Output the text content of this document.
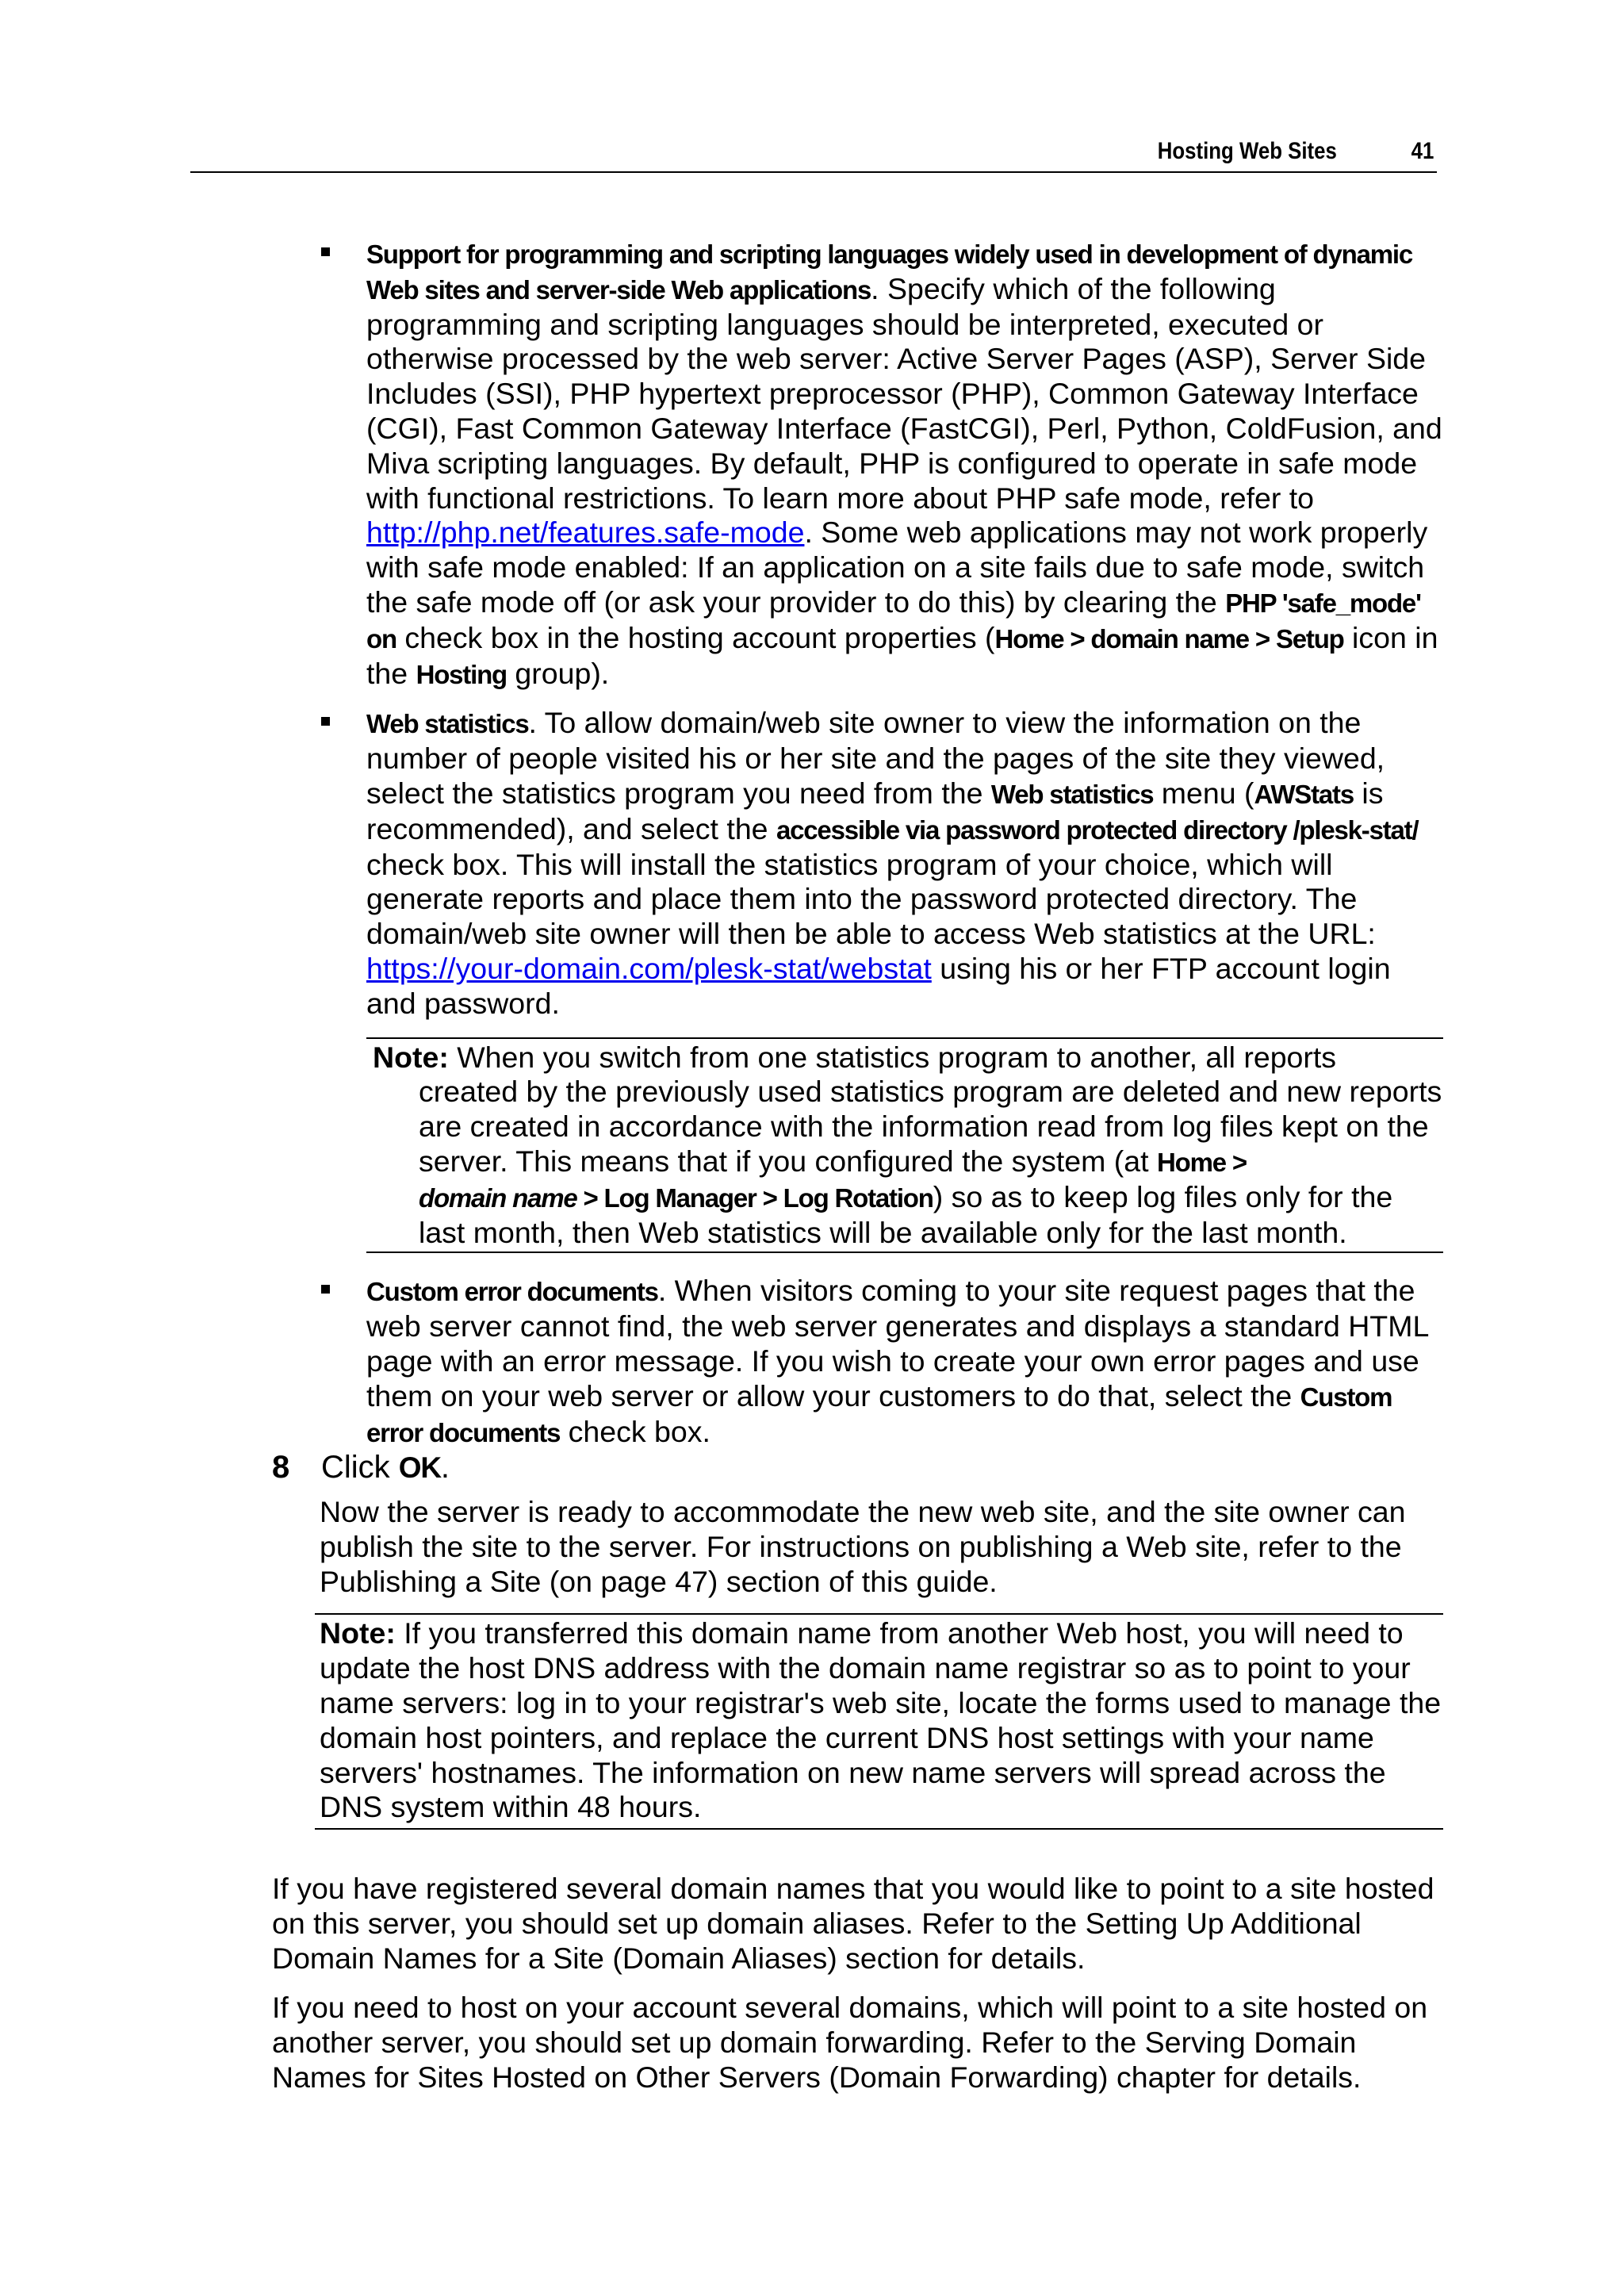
Hosting Web Sites	41
Support for programming and scripting languages widely used in development of dynamic Web sites and server-side Web applications. Specify which of the following programming and scripting languages should be interpreted, executed or otherwise processed by the web server: Active Server Pages (ASP), Server Side Includes (SSI), PHP hypertext preprocessor (PHP), Common Gateway Interface (CGI), Fast Common Gateway Interface (FastCGI), Perl, Python, ColdFusion, and Miva scripting languages. By default, PHP is configured to operate in safe mode with functional restrictions. To learn more about PHP safe mode, refer to http://php.net/features.safe-mode. Some web applications may not work properly with safe mode enabled: If an application on a site fails due to safe mode, switch the safe mode off (or ask your provider to do this) by clearing the PHP 'safe_mode' on check box in the hosting account properties (Home > domain name > Setup icon in the Hosting group).
Web statistics. To allow domain/web site owner to view the information on the number of people visited his or her site and the pages of the site they viewed, select the statistics program you need from the Web statistics menu (AWStats is recommended), and select the accessible via password protected directory /plesk-stat/ check box. This will install the statistics program of your choice, which will generate reports and place them into the password protected directory. The domain/web site owner will then be able to access Web statistics at the URL: https://your-domain.com/plesk-stat/webstat using his or her FTP account login and password.
Note: When you switch from one statistics program to another, all reports created by the previously used statistics program are deleted and new reports are created in accordance with the information read from log files kept on the server. This means that if you configured the system (at Home >
domain name > Log Manager > Log Rotation) so as to keep log files only for the last month, then Web statistics will be available only for the last month.
Custom error documents. When visitors coming to your site request pages that the web server cannot find, the web server generates and displays a standard HTML page with an error message. If you wish to create your own error pages and use them on your web server or allow your customers to do that, select the Custom error documents check box.
8 Click OK.
Now the server is ready to accommodate the new web site, and the site owner can publish the site to the server. For instructions on publishing a Web site, refer to the Publishing a Site (on page 47) section of this guide.
Note: If you transferred this domain name from another Web host, you will need to update the host DNS address with the domain name registrar so as to point to your name servers: log in to your registrar's web site, locate the forms used to manage the domain host pointers, and replace the current DNS host settings with your name servers' hostnames. The information on new name servers will spread across the DNS system within 48 hours.

If you have registered several domain names that you would like to point to a site hosted on this server, you should set up domain aliases. Refer to the Setting Up Additional Domain Names for a Site (Domain Aliases) section for details.

If you need to host on your account several domains, which will point to a site hosted on another server, you should set up domain forwarding. Refer to the Serving Domain Names for Sites Hosted on Other Servers (Domain Forwarding) chapter for details.
